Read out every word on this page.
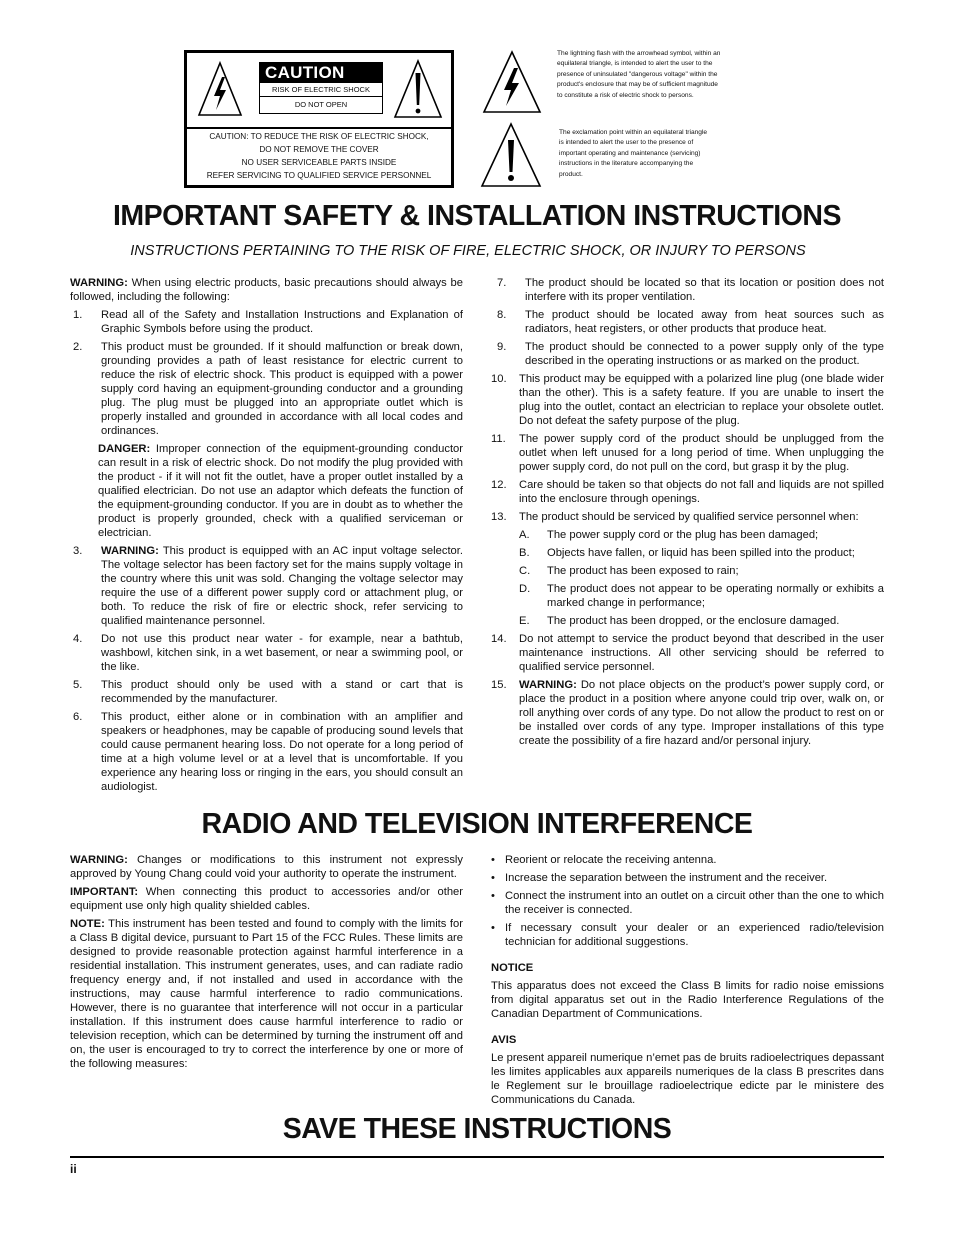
CAUTION
RISK OF ELECTRIC SHOCK
DO NOT OPEN
CAUTION: TO REDUCE THE RISK OF ELECTRIC SHOCK,
DO NOT REMOVE THE COVER
NO USER SERVICEABLE PARTS INSIDE
REFER SERVICING TO QUALIFIED SERVICE PERSONNEL
The lightning flash with the arrowhead symbol, within an equilateral triangle, is intended to alert the user to the presence of uninsulated "dangerous voltage" within the product's enclosure that may be of sufficient magnitude to constitute a risk of electric shock to persons.
The exclamation point within an equilateral triangle is intended to alert the user to the presence of important operating and maintenance (servicing) instructions in the literature accompanying the product.
IMPORTANT SAFETY & INSTALLATION INSTRUCTIONS
INSTRUCTIONS PERTAINING TO THE RISK OF FIRE, ELECTRIC SHOCK, OR INJURY TO PERSONS

WARNING: When using electric products, basic precautions should always be followed, including the following:

1.	Read all of the Safety and Installation Instructions and Explanation of Graphic Symbols before using the product.
2.	This product must be grounded. If it should malfunction or break down, grounding provides a path of least resistance for electric current to reduce the risk of electric shock. This product is equipped with a power supply cord having an equipment-grounding conductor and a grounding plug. The plug must be plugged into an appropriate outlet which is properly installed and grounded in accordance with all local codes and ordinances.

DANGER: Improper connection of the equipment-grounding conductor can result in a risk of electric shock. Do not modify the plug provided with the product - if it will not fit the outlet, have a proper outlet installed by a qualified electrician. Do not use an adaptor which defeats the function of the equipment-grounding conductor. If you are in doubt as to whether the product is properly grounded, check with a qualified serviceman or electrician.

3.	WARNING: This product is equipped with an AC input voltage selector. The voltage selector has been factory set for the mains supply voltage in the country where this unit was sold. Changing the voltage selector may require the use of a different power supply cord or attachment plug, or both. To reduce the risk of fire or electric shock, refer servicing to qualified maintenance personnel.
4.	Do not use this product near water - for example, near a bathtub, washbowl, kitchen sink, in a wet basement, or near a swimming pool, or the like.
5.	This product should only be used with a stand or cart that is recommended by the manufacturer.
6.	This product, either alone or in combination with an amplifier and speakers or headphones, may be capable of producing sound levels that could cause permanent hearing loss. Do not operate for a long period of time at a high volume level or at a level that is uncomfortable. If you experience any hearing loss or ringing in the ears, you should consult an audiologist.
7.	The product should be located so that its location or position does not interfere with its proper ventilation.
8.	The product should be located away from heat sources such as radiators, heat registers, or other products that produce heat.
9.	The product should be connected to a power supply only of the type described in the operating instructions or as marked on the product.
10.	This product may be equipped with a polarized line plug (one blade wider than the other). This is a safety feature. If you are unable to insert the plug into the outlet, contact an electrician to replace your obsolete outlet. Do not defeat the safety purpose of the plug.
11.	The power supply cord of the product should be unplugged from the outlet when left unused for a long period of time. When unplugging the power supply cord, do not pull on the cord, but grasp it by the plug.
12.	Care should be taken so that objects do not fall and liquids are not spilled into the enclosure through openings.
13.	The product should be serviced by qualified service personnel when:
A.	The power supply cord or the plug has been damaged;
B.	Objects have fallen, or liquid has been spilled into the product;
C.	The product has been exposed to rain;
D.	The product does not appear to be operating normally or exhibits a marked change in performance;
E.	The product has been dropped, or the enclosure damaged.
14.	Do not attempt to service the product beyond that described in the user maintenance instructions. All other servicing should be referred to qualified service personnel.
15.	WARNING: Do not place objects on the product’s power supply cord, or place the product in a position where anyone could trip over, walk on, or roll anything over cords of any type. Do not allow the product to rest on or be installed over cords of any type. Improper installations of this type create the possibility of a fire hazard and/or personal injury.
RADIO AND TELEVISION INTERFERENCE

WARNING: Changes or modifications to this instrument not expressly approved by Young Chang could void your authority to operate the instrument.

IMPORTANT: When connecting this product to accessories and/or other equipment use only high quality shielded cables.

NOTE: This instrument has been tested and found to comply with the limits for a Class B digital device, pursuant to Part 15 of the FCC Rules. These limits are designed to provide reasonable protection against harmful interference in a residential installation. This instrument generates, uses, and can radiate radio frequency energy and, if not installed and used in accordance with the instructions, may cause harmful interference to radio communications. However, there is no guarantee that interference will not occur in a particular installation. If this instrument does cause harmful interference to radio or television reception, which can be determined by turning the instrument off and on, the user is encouraged to try to correct the interference by one or more of the following measures:

• Reorient or relocate the receiving antenna.
• Increase the separation between the instrument and the receiver.
• Connect the instrument into an outlet on a circuit other than the one to which the receiver is connected.
• If necessary consult your dealer or an experienced radio/television technician for additional suggestions.
NOTICE

This apparatus does not exceed the Class B limits for radio noise emissions from digital apparatus set out in the Radio Interference Regulations of the Canadian Department of Communications.

AVIS

Le present appareil numerique n’emet pas de bruits radioelectriques depassant les limites applicables aux appareils numeriques de la class B prescrites dans le Reglement sur le brouillage radioelectrique edicte par le ministere des Communications du Canada.

SAVE THESE INSTRUCTIONS
ii
